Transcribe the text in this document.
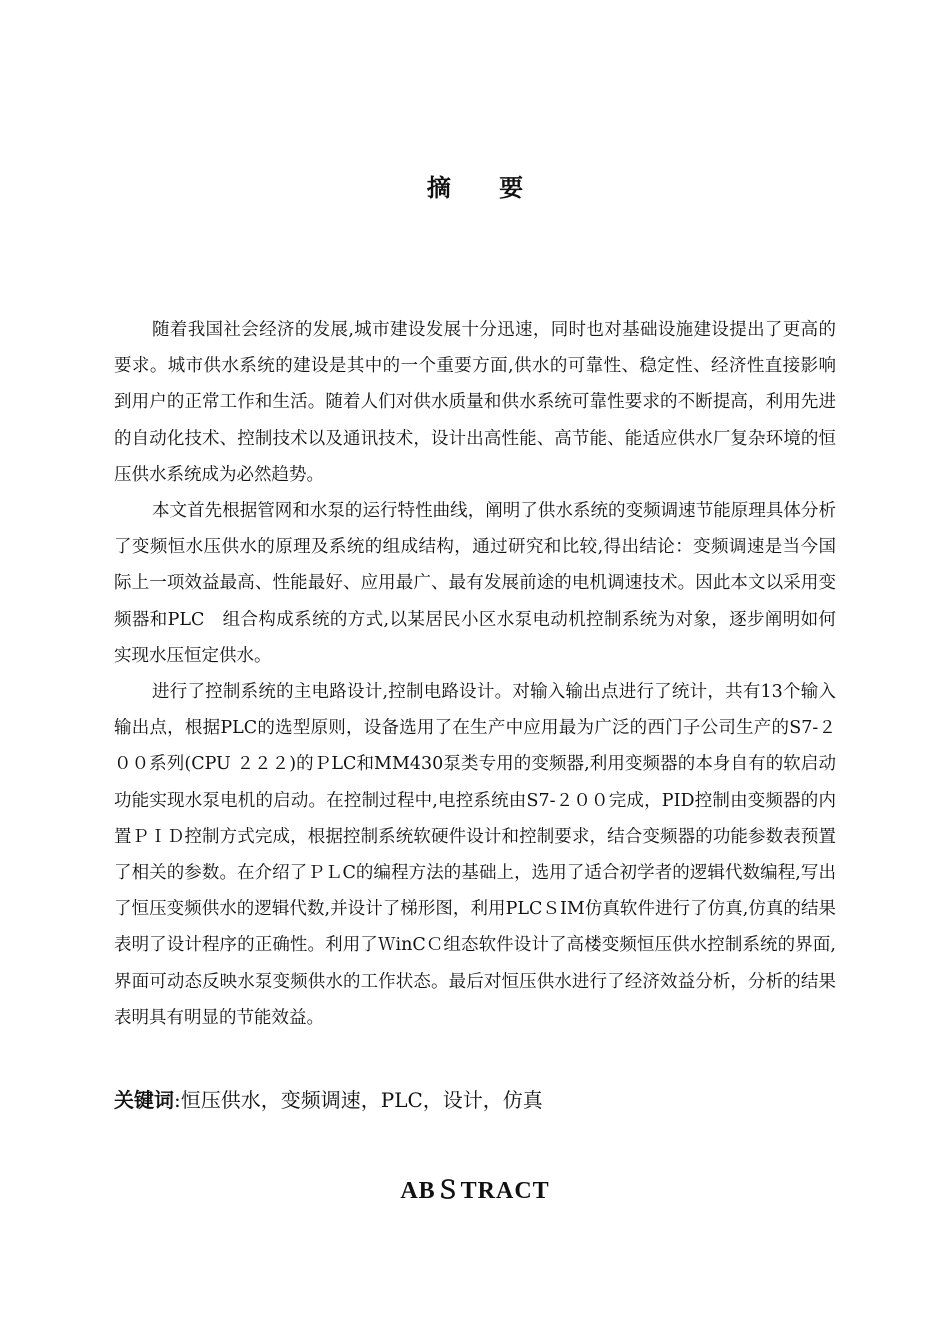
摘 要

随着我国社会经济的发展,城市建设发展十分迅速，同时也对基础设施建设提出了更高的要求。城市供水系统的建设是其中的一个重要方面,供水的可靠性、稳定性、经济性直接影响到用户的正常工作和生活。随着人们对供水质量和供水系统可靠性要求的不断提高，利用先进的自动化技术、控制技术以及通讯技术，设计出高性能、高节能、能适应供水厂复杂环境的恒压供水系统成为必然趋势。

本文首先根据管网和水泵的运行特性曲线，阐明了供水系统的变频调速节能原理具体分析了变频恒水压供水的原理及系统的组成结构，通过研究和比较,得出结论：变频调速是当今国际上一项效益最高、性能最好、应用最广、最有发展前途的电机调速技术。因此本文以采用变频器和PLC　组合构成系统的方式,以某居民小区水泵电动机控制系统为对象，逐步阐明如何实现水压恒定供水。

进行了控制系统的主电路设计,控制电路设计。对输入输出点进行了统计，共有13个输入输出点，根据PLC的选型原则，设备选用了在生产中应用最为广泛的西门子公司生产的S7-２００系列(CPU ２２２)的ＰLC和MM430泵类专用的变频器,利用变频器的本身自有的软启动功能实现水泵电机的启动。在控制过程中,电控系统由S7-２００完成，PID控制由变频器的内置ＰＩＤ控制方式完成，根据控制系统软硬件设计和控制要求，结合变频器的功能参数表预置了相关的参数。在介绍了ＰＬC的编程方法的基础上，选用了适合初学者的逻辑代数编程,写出了恒压变频供水的逻辑代数,并设计了梯形图，利用PLCＳIM仿真软件进行了仿真,仿真的结果表明了设计程序的正确性。利用了ＷinCＣ组态软件设计了高楼变频恒压供水控制系统的界面,界面可动态反映水泵变频供水的工作状态。最后对恒压供水进行了经济效益分析，分析的结果表明具有明显的节能效益。

关键词:恒压供水，变频调速，PLC，设计，仿真
ABＳTRACT
